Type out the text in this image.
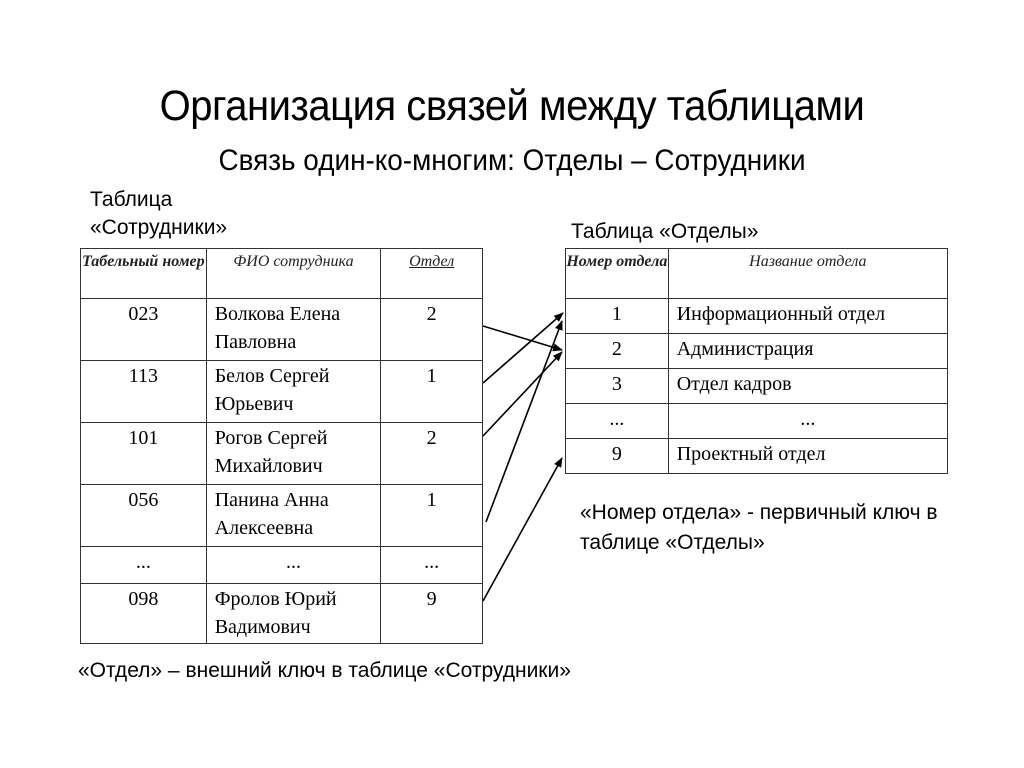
Организация связей между таблицами
Связь один-ко-многим: Отделы – Сотрудники
Таблица
«Сотрудники»	Таблица «Отделы»
Табельный номер	ФИО сотрудника	Отдел
023	Волкова Елена Павловна	2
113	Белов Сергей Юрьевич	1
101	Рогов Сергей Михайлович	2
056	Панина Анна Алексеевна	1
...	...	...
098	Фролов Юрий Вадимович	9
Номер отдела	Название отдела
1	Информационный отдел
2	Администрация
3	Отдел кадров
...	...
9	Проектный отдел
«Номер отдела» - первичный ключ в таблице «Отделы»
«Отдел» – внешний ключ в таблице «Сотрудники»
